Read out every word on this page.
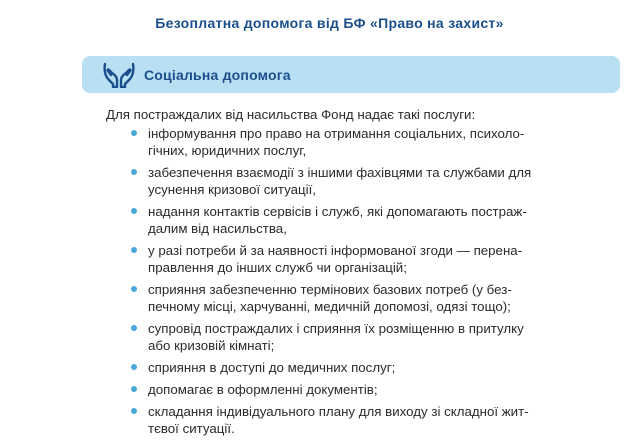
Безоплатна допомога від БФ «Право на захист»
Соціальна допомога
Для постраждалих від насильства Фонд надає такі послуги:
інформування про право на отримання соціальних, психоло-
гічних, юридичних послуг,
забезпечення взаємодії з іншими фахівцями та службами для
усунення кризової ситуації,
надання контактів сервісів і служб, які допомагають постраж-
далим від насильства,
у разі потреби й за наявності інформованої згоди — перена-
правлення до інших служб чи організацій;
сприяння забезпеченню термінових базових потреб (у без-
печному місці, харчуванні, медичній допомозі, одязі тощо);
супровід постраждалих і сприяння їх розміщенню в притулку
або кризовій кімнаті;
сприяння в доступі до медичних послуг;
допомагає в оформленні документів;
складання індивідуального плану для виходу зі складної жит-
тєвої ситуації.
